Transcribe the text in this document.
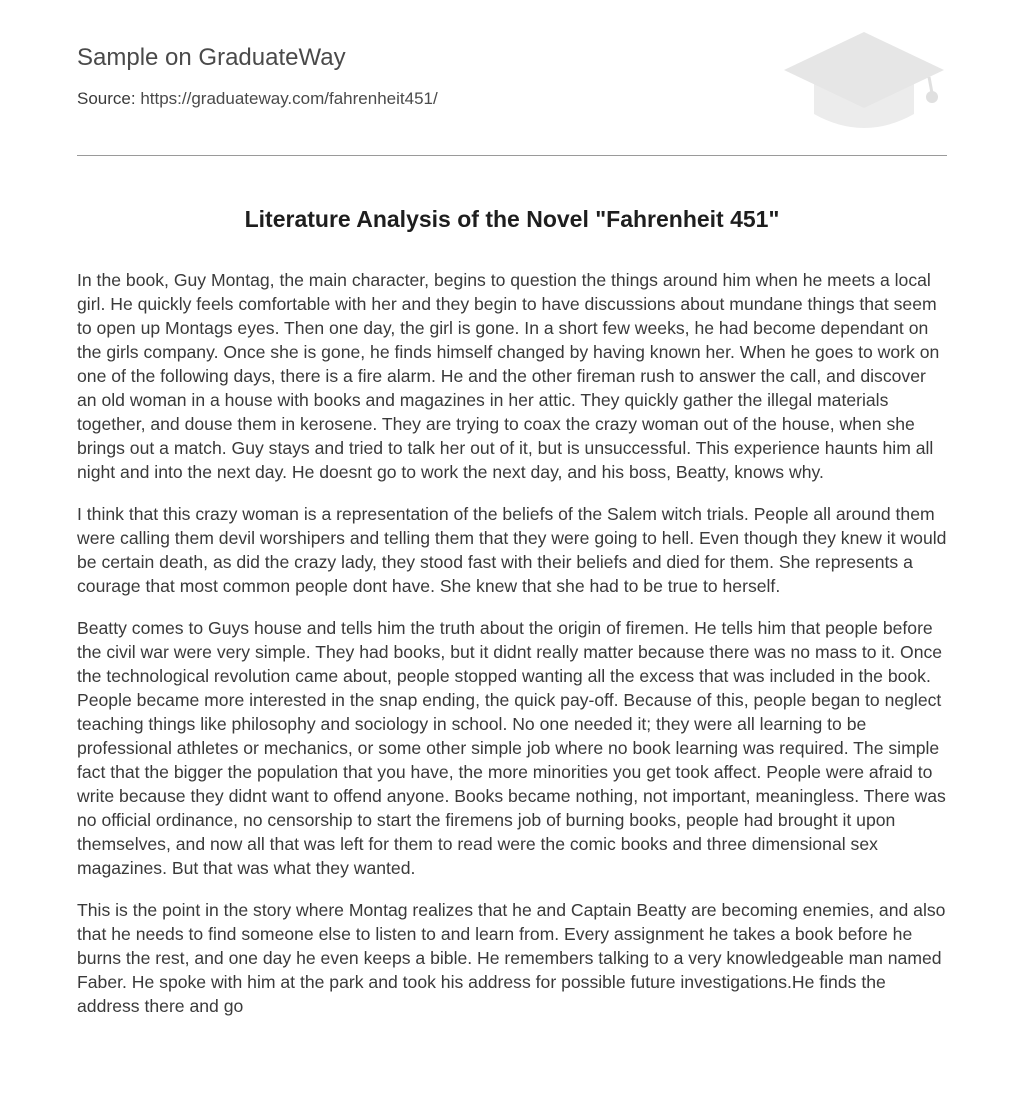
Sample on GraduateWay
Source: https://graduateway.com/fahrenheit451/
Literature Analysis of the Novel "Fahrenheit 451"

In the book, Guy Montag, the main character, begins to question the things around him when he meets a local girl. He quickly feels comfortable with her and they begin to have discussions about mundane things that seem to open up Montags eyes. Then one day, the girl is gone. In a short few weeks, he had become dependant on the girls company. Once she is gone, he finds himself changed by having known her. When he goes to work on one of the following days, there is a fire alarm. He and the other fireman rush to answer the call, and discover an old woman in a house with books and magazines in her attic. They quickly gather the illegal materials together, and douse them in kerosene. They are trying to coax the crazy woman out of the house, when she brings out a match. Guy stays and tried to talk her out of it, but is unsuccessful. This experience haunts him all night and into the next day. He doesnt go to work the next day, and his boss, Beatty, knows why.

I think that this crazy woman is a representation of the beliefs of the Salem witch trials. People all around them were calling them devil worshipers and telling them that they were going to hell. Even though they knew it would be certain death, as did the crazy lady, they stood fast with their beliefs and died for them. She represents a courage that most common people dont have. She knew that she had to be true to herself.

Beatty comes to Guys house and tells him the truth about the origin of firemen. He tells him that people before the civil war were very simple. They had books, but it didnt really matter because there was no mass to it. Once the technological revolution came about, people stopped wanting all the excess that was included in the book. People became more interested in the snap ending, the quick pay-off. Because of this, people began to neglect teaching things like philosophy and sociology in school. No one needed it; they were all learning to be professional athletes or mechanics, or some other simple job where no book learning was required. The simple fact that the bigger the population that you have, the more minorities you get took affect. People were afraid to write because they didnt want to offend anyone. Books became nothing, not important, meaningless. There was no official ordinance, no censorship to start the firemens job of burning books, people had brought it upon themselves, and now all that was left for them to read were the comic books and three dimensional sex magazines. But that was what they wanted.

This is the point in the story where Montag realizes that he and Captain Beatty are becoming enemies, and also that he needs to find someone else to listen to and learn from. Every assignment he takes a book before he burns the rest, and one day he even keeps a bible. He remembers talking to a very knowledgeable man named Faber. He spoke with him at the park and took his address for possible future investigations.He finds the address there and go
